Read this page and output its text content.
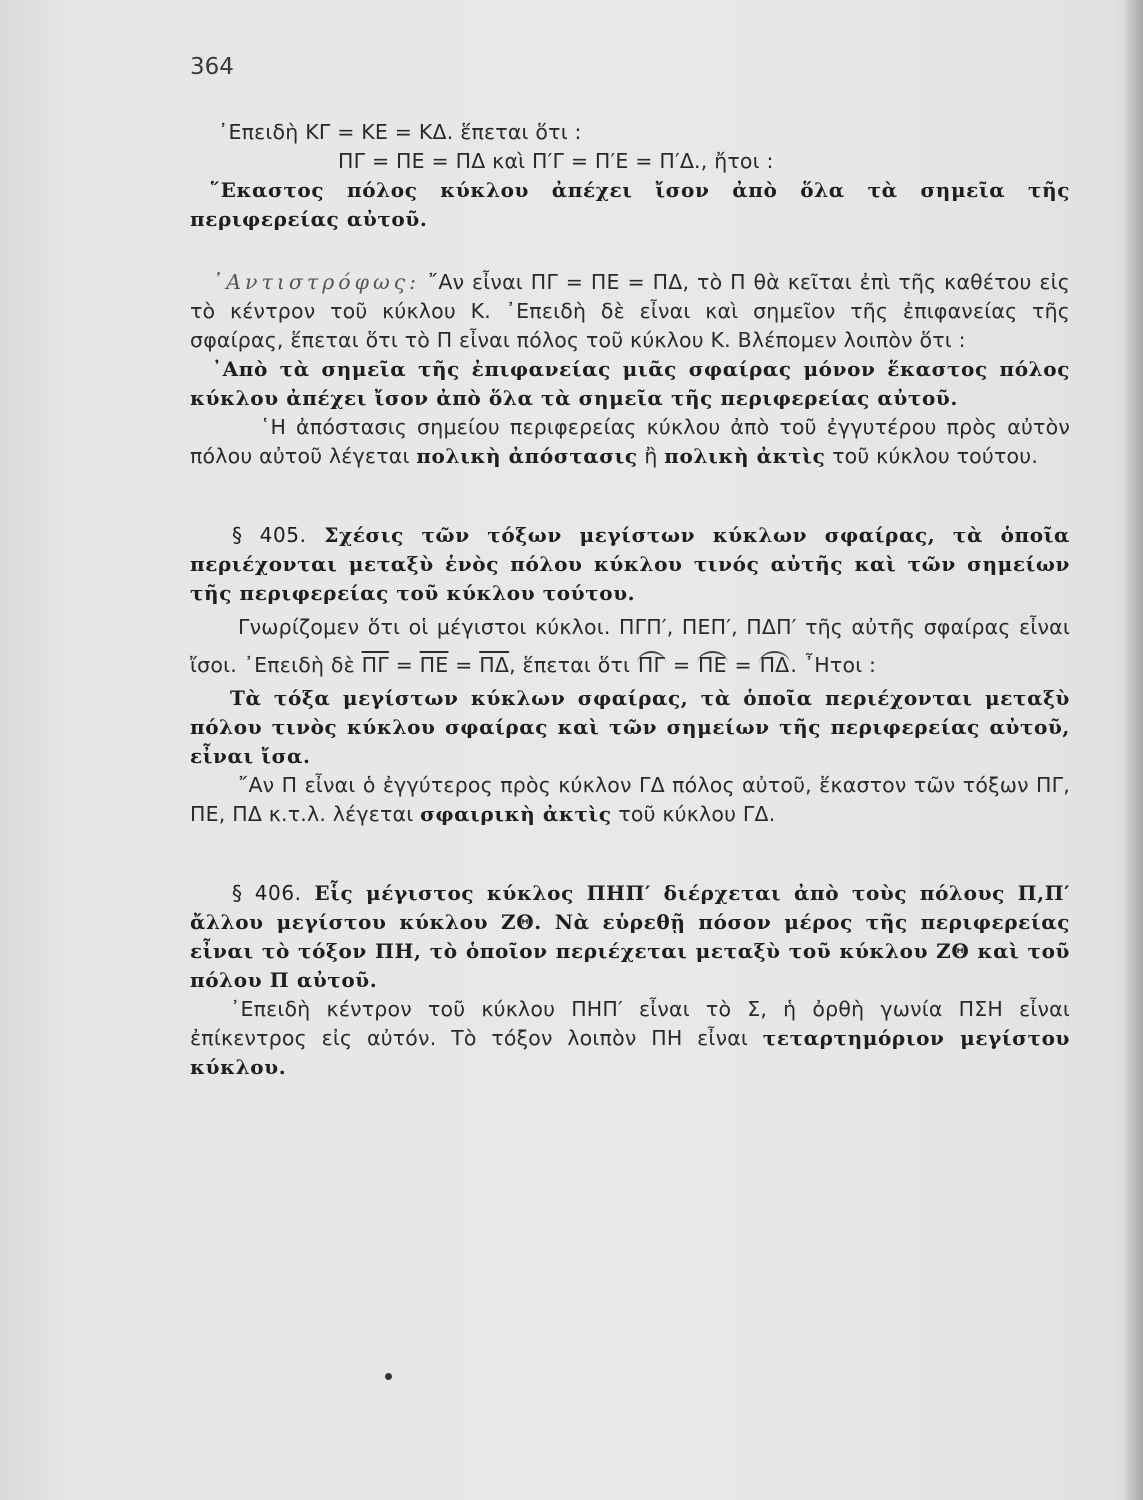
364

᾿Επειδὴ ΚΓ = ΚΕ = ΚΔ. ἕπεται ὅτι :

ΠΓ = ΠΕ = ΠΔ καὶ Π′Γ = Π′Ε = Π′Δ., ἤτοι :

῞Εκαστος πόλος κύκλου ἀπέχει ἴσον ἀπὸ ὅλα τὰ σημεῖα τῆς περιφερείας αὐτοῦ.

᾿Αντιστρόφως: ῎Αν εἶναι ΠΓ = ΠΕ = ΠΔ, τὸ Π θὰ κεῖται ἐπὶ τῆς καθέτου εἰς τὸ κέντρον τοῦ κύκλου Κ. ᾿Επειδὴ δὲ εἶναι καὶ σημεῖον τῆς ἐπιφανείας τῆς σφαίρας, ἕπεται ὅτι τὸ Π εἶναι πόλος τοῦ κύκλου Κ. Βλέπομεν λοιπὸν ὅτι :

᾿Απὸ τὰ σημεῖα τῆς ἐπιφανείας μιᾶς σφαίρας μόνον ἕκαστος πόλος κύκλου ἀπέχει ἴσον ἀπὸ ὅλα τὰ σημεῖα τῆς περιφερείας αὐτοῦ.

῾Η ἀπόστασις σημείου περιφερείας κύκλου ἀπὸ τοῦ ἐγγυτέρου πρὸς αὐτὸν πόλου αὐτοῦ λέγεται πολικὴ ἀπόστασις ἢ πολικὴ ἀκτὶς τοῦ κύκλου τούτου.

§ 405. Σχέσις τῶν τόξων μεγίστων κύκλων σφαίρας, τὰ ὁποῖα περιέχονται μεταξὺ ἑνὸς πόλου κύκλου τινός αὐτῆς καὶ τῶν σημείων τῆς περιφερείας τοῦ κύκλου τούτου.

Γνωρίζομεν ὅτι οἱ μέγιστοι κύκλοι. ΠΓΠ′, ΠΕΠ′, ΠΔΠ′ τῆς αὐτῆς σφαίρας εἶναι ἴσοι. ᾿Επειδὴ δὲ $\overline{\Pi\Gamma} = \overline{\Pi E} = \overline{\Pi\Delta}$, ἕπεται ὅτι ΠΓ = ΠΕ = ΠΔ. ῏Ητοι :

Τὰ τόξα μεγίστων κύκλων σφαίρας, τὰ ὁποῖα περιέχονται μεταξὺ πόλου τινὸς κύκλου σφαίρας καὶ τῶν σημείων τῆς περιφερείας αὐτοῦ, εἶναι ἴσα.

῎Αν Π εἶναι ὁ ἐγγύτερος πρὸς κύκλον ΓΔ πόλος αὐτοῦ, ἕκαστον τῶν τόξων ΠΓ, ΠΕ, ΠΔ κ.τ.λ. λέγεται σφαιρικὴ ἀκτὶς τοῦ κύκλου ΓΔ.

§ 406. Εἷς μέγιστος κύκλος ΠΗΠ′ διέρχεται ἀπὸ τοὺς πόλους Π,Π′ ἄλλου μεγίστου κύκλου ΖΘ. Νὰ εὑρεθῇ πόσον μέρος τῆς περιφερείας εἶναι τὸ τόξον ΠΗ, τὸ ὁποῖον περιέχεται μεταξὺ τοῦ κύκλου ΖΘ καὶ τοῦ πόλου Π αὐτοῦ.

᾿Επειδὴ κέντρον τοῦ κύκλου ΠΗΠ′ εἶναι τὸ Σ, ἡ ὀρθὴ γωνία ΠΣΗ εἶναι ἐπίκεντρος εἰς αὐτόν. Τὸ τόξον λοιπὸν ΠΗ εἶναι τεταρτημόριον μεγίστου κύκλου.
